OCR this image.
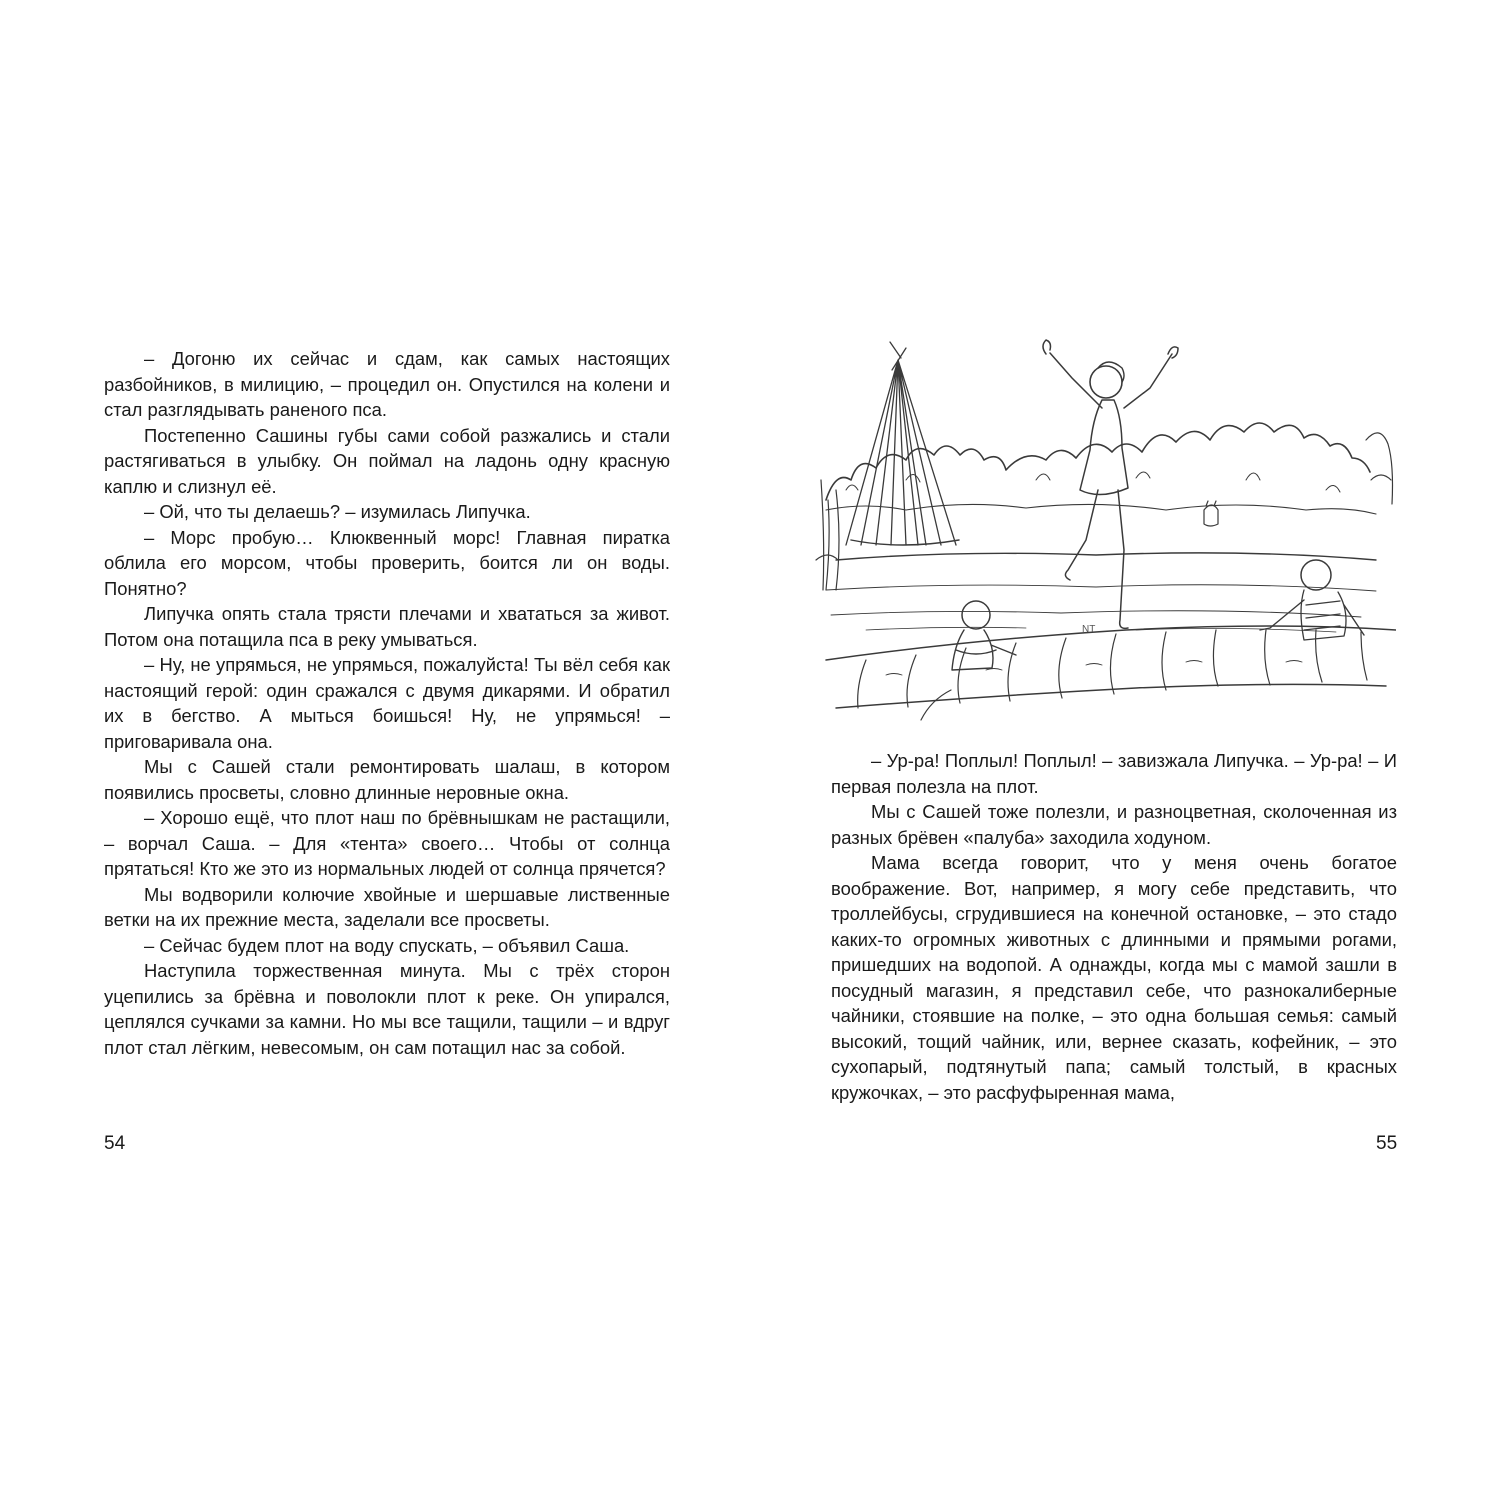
– Догоню их сейчас и сдам, как самых настоящих разбойников, в милицию, – процедил он. Опустился на колени и стал разглядывать раненого пса.

Постепенно Сашины губы сами собой разжались и стали растягиваться в улыбку. Он поймал на ладонь одну красную каплю и слизнул её.

– Ой, что ты делаешь? – изумилась Липучка.

– Морс пробую… Клюквенный морс! Главная пиратка облила его морсом, чтобы проверить, боится ли он воды. Понятно?

Липучка опять стала трясти плечами и хвататься за живот. Потом она потащила пса в реку умываться.

– Ну, не упрямься, не упрямься, пожалуйста! Ты вёл себя как настоящий герой: один сражался с двумя дикарями. И обратил их в бегство. А мыться боишься! Ну, не упрямься! – приговаривала она.

Мы с Сашей стали ремонтировать шалаш, в котором появились просветы, словно длинные неровные окна.

– Хорошо ещё, что плот наш по брёвнышкам не растащили, – ворчал Саша. – Для «тента» своего… Чтобы от солнца прятаться! Кто же это из нормальных людей от солнца прячется?

Мы водворили колючие хвойные и шершавые лиственные ветки на их прежние места, заделали все просветы.

– Сейчас будем плот на воду спускать, – объявил Саша.

Наступила торжественная минута. Мы с трёх сторон уцепились за брёвна и поволокли плот к реке. Он упирался, цеплялся сучками за камни. Но мы все тащили, тащили – и вдруг плот стал лёгким, невесомым, он сам потащил нас за собой.

54
NT

– Ур-ра! Поплыл! Поплыл! – завизжала Липучка. – Ур-ра! – И первая полезла на плот.

Мы с Сашей тоже полезли, и разноцветная, сколоченная из разных брёвен «палуба» заходила ходуном.

Мама всегда говорит, что у меня очень богатое воображение. Вот, например, я могу себе представить, что троллейбусы, сгрудившиеся на конечной остановке, – это стадо каких-то огромных животных с длинными и прямыми рогами, пришедших на водопой. А однажды, когда мы с мамой зашли в посудный магазин, я представил себе, что разнокалиберные чайники, стоявшие на полке, – это одна большая семья: самый высокий, тощий чайник, или, вернее сказать, кофейник, – это сухопарый, подтянутый папа; самый толстый, в красных кружочках, – это расфуфыренная мама,

55
